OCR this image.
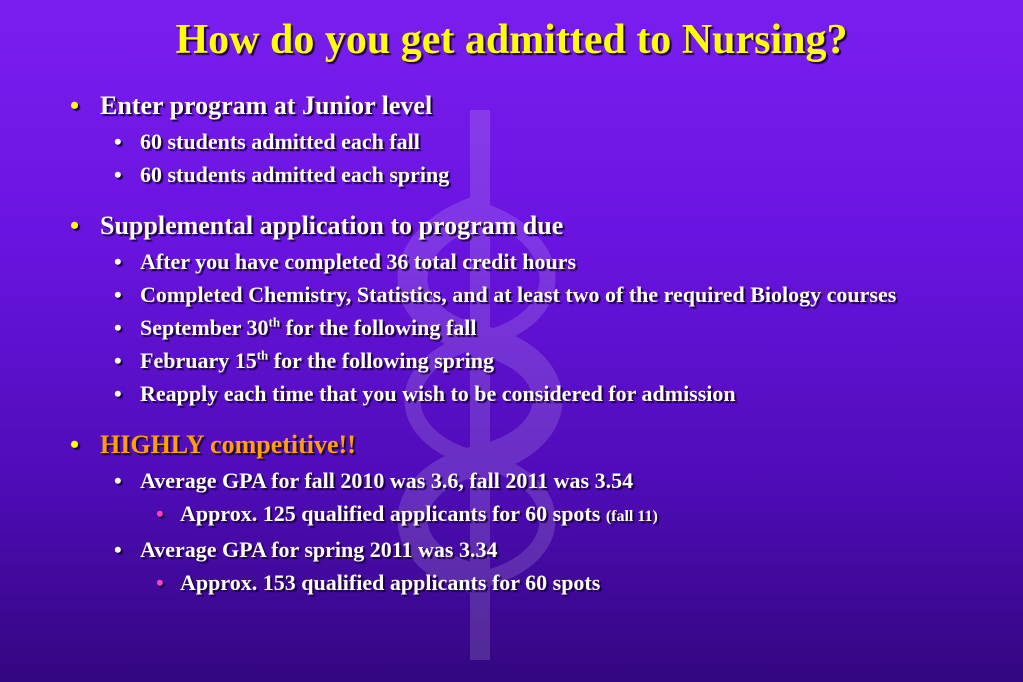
How do you get admitted to Nursing?
• Enter program at Junior level
• 60 students admitted each fall
• 60 students admitted each spring
• Supplemental application to program due
• After you have completed 36 total credit hours
• Completed Chemistry, Statistics, and at least two of the required Biology courses
• September 30th for the following fall
• February 15th for the following spring
• Reapply each time that you wish to be considered for admission
• HIGHLY competitive!!
• Average GPA for fall 2010 was 3.6, fall 2011 was 3.54
• Approx. 125 qualified applicants for 60 spots (fall 11)
• Average GPA for spring 2011 was 3.34
• Approx. 153 qualified applicants for 60 spots
